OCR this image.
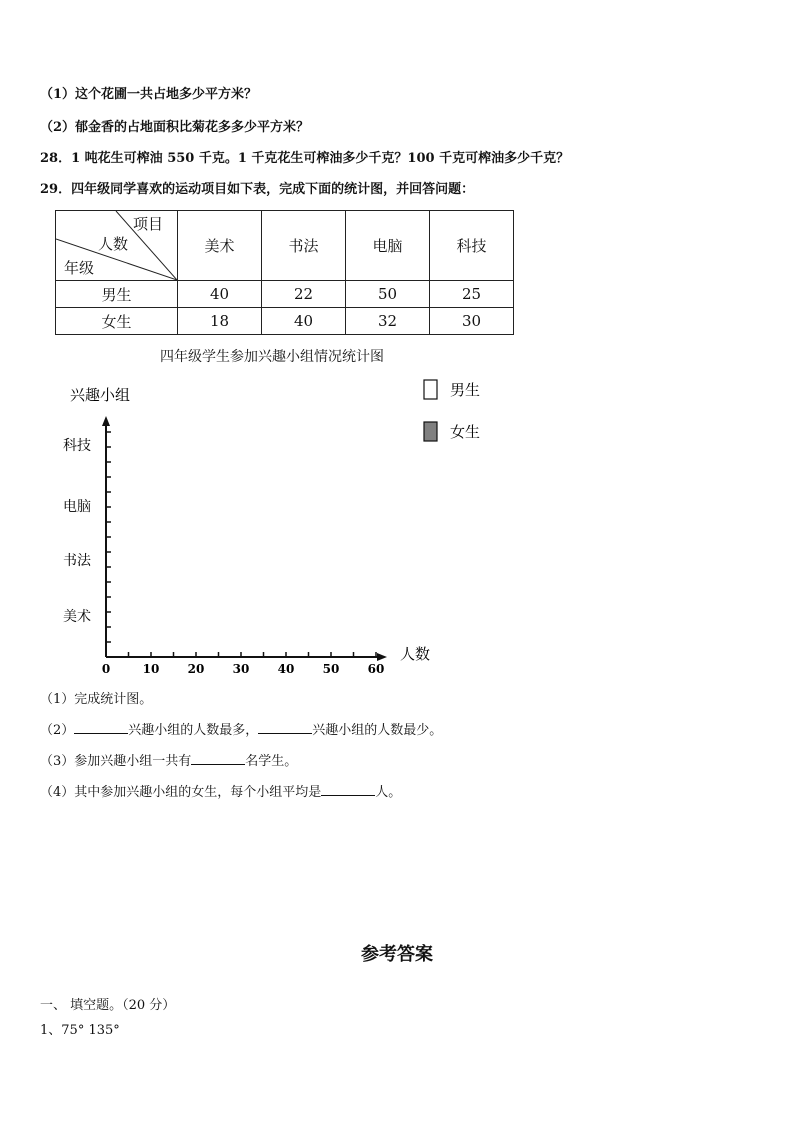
（1）这个花圃一共占地多少平方米？
（2）郁金香的占地面积比菊花多多少平方米？
28．1 吨花生可榨油 550 千克。1 千克花生可榨油多少千克？100 千克可榨油多少千克？
29．四年级同学喜欢的运动项目如下表，完成下面的统计图，并回答问题：
项目
人数
年级	美术	书法	电脑	科技
男生	40	22	50	25
女生	18	40	32	30
四年级学生参加兴趣小组情况统计图
0	10 20 30 40 50 60
美术
书法
电脑
科技
兴趣小组
人数
男生
女生
（1）完成统计图。
（2）	兴趣小组的人数最多，	兴趣小组的人数最少。
（3）参加兴趣小组一共有	名学生。
（4）其中参加兴趣小组的女生，每个小组平均是	人。
参考答案
一、 填空题。（20 分）
1、75° 135°
